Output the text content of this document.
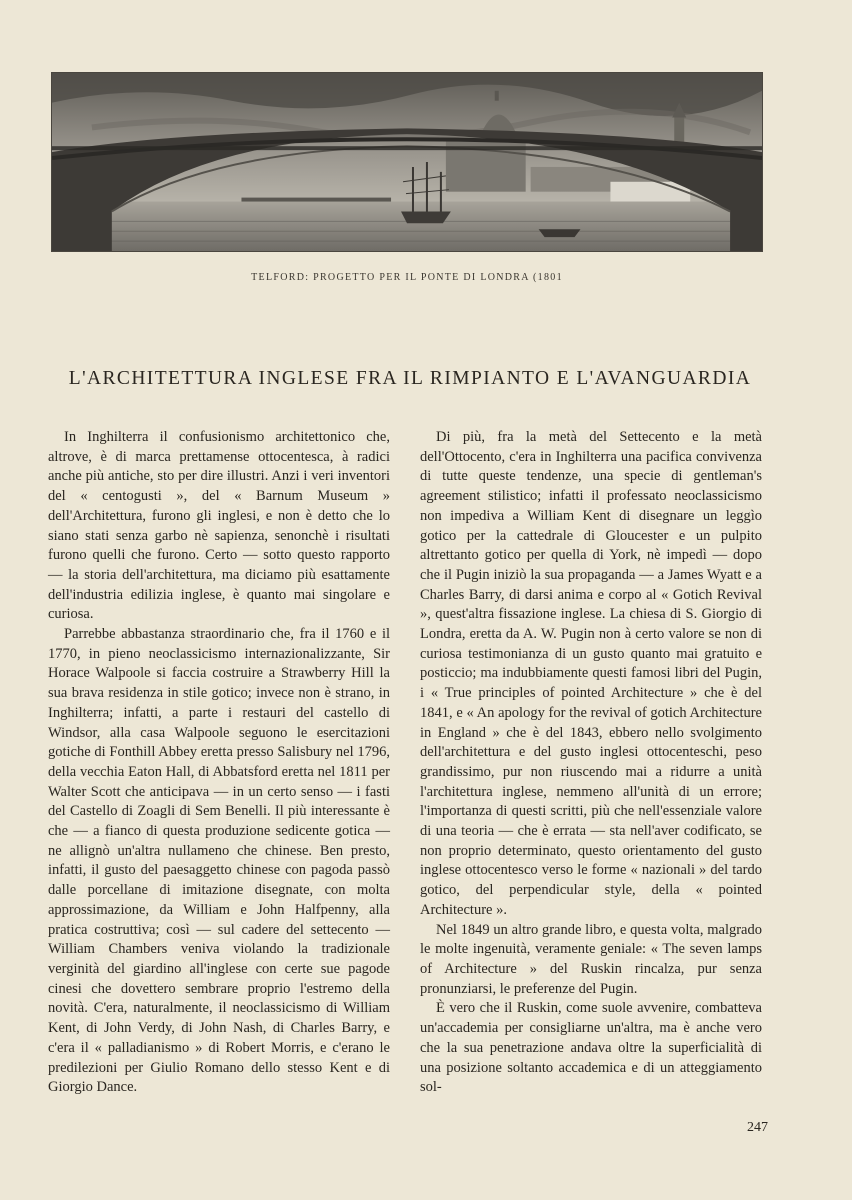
TELFORD: PROGETTO PER IL PONTE DI LONDRA (1801
L'ARCHITETTURA INGLESE FRA IL RIMPIANTO E L'AVANGUARDIA

In Inghilterra il confusionismo architettonico che, altrove, è di marca prettamense ottocentesca, à radici anche più antiche, sto per dire illustri. Anzi i veri inventori del « centogusti », del « Barnum Museum » dell'Architettura, furono gli inglesi, e non è detto che lo siano stati senza garbo nè sapienza, senonchè i risultati furono quelli che furono. Certo — sotto questo rapporto — la storia dell'architettura, ma diciamo più esattamente dell'industria edilizia inglese, è quanto mai singolare e curiosa.

Parrebbe abbastanza straordinario che, fra il 1760 e il 1770, in pieno neoclassicismo internazionalizzante, Sir Horace Walpoole si faccia costruire a Strawberry Hill la sua brava residenza in stile gotico; invece non è strano, in Inghilterra; infatti, a parte i restauri del castello di Windsor, alla casa Walpoole seguono le esercitazioni gotiche di Fonthill Abbey eretta presso Salisbury nel 1796, della vecchia Eaton Hall, di Abbatsford eretta nel 1811 per Walter Scott che anticipava — in un certo senso — i fasti del Castello di Zoagli di Sem Benelli. Il più interessante è che — a fianco di questa produzione sedicente gotica — ne allignò un'altra nullameno che chinese. Ben presto, infatti, il gusto del paesaggetto chinese con pagoda passò dalle porcellane di imitazione disegnate, con molta approssimazione, da William e John Halfpenny, alla pratica costruttiva; così — sul cadere del settecento — William Chambers veniva violando la tradizionale verginità del giardino all'inglese con certe sue pagode cinesi che dovettero sembrare proprio l'estremo della novità. C'era, naturalmente, il neoclassicismo di William Kent, di John Verdy, di John Nash, di Charles Barry, e c'era il « palladianismo » di Robert Morris, e c'erano le predilezioni per Giulio Romano dello stesso Kent e di Giorgio Dance.

Di più, fra la metà del Settecento e la metà dell'Ottocento, c'era in Inghilterra una pacifica convivenza di tutte queste tendenze, una specie di gentleman's agreement stilistico; infatti il professato neoclassicismo non impediva a William Kent di disegnare un leggìo gotico per la cattedrale di Gloucester e un pulpito altrettanto gotico per quella di York, nè impedì — dopo che il Pugin iniziò la sua propaganda — a James Wyatt e a Charles Barry, di darsi anima e corpo al « Gotich Revival », quest'altra fissazione inglese. La chiesa di S. Giorgio di Londra, eretta da A. W. Pugin non à certo valore se non di curiosa testimonianza di un gusto quanto mai gratuito e posticcio; ma indubbiamente questi famosi libri del Pugin, i « True principles of pointed Architecture » che è del 1841, e « An apology for the revival of gotich Architecture in England » che è del 1843, ebbero nello svolgimento dell'architettura e del gusto inglesi ottocenteschi, peso grandissimo, pur non riuscendo mai a ridurre a unità l'architettura inglese, nemmeno all'unità di un errore; l'importanza di questi scritti, più che nell'essenziale valore di una teoria — che è errata — sta nell'aver codificato, se non proprio determinato, questo orientamento del gusto inglese ottocentesco verso le forme « nazionali » del tardo gotico, del perpendicular style, della « pointed Architecture ».

Nel 1849 un altro grande libro, e questa volta, malgrado le molte ingenuità, veramente geniale: « The seven lamps of Architecture » del Ruskin rincalza, pur senza pronunziarsi, le preferenze del Pugin.

È vero che il Ruskin, come suole avvenire, combatteva un'accademia per consigliarne un'altra, ma è anche vero che la sua penetrazione andava oltre la superficialità di una posizione soltanto accademica e di un atteggiamento sol-

247
